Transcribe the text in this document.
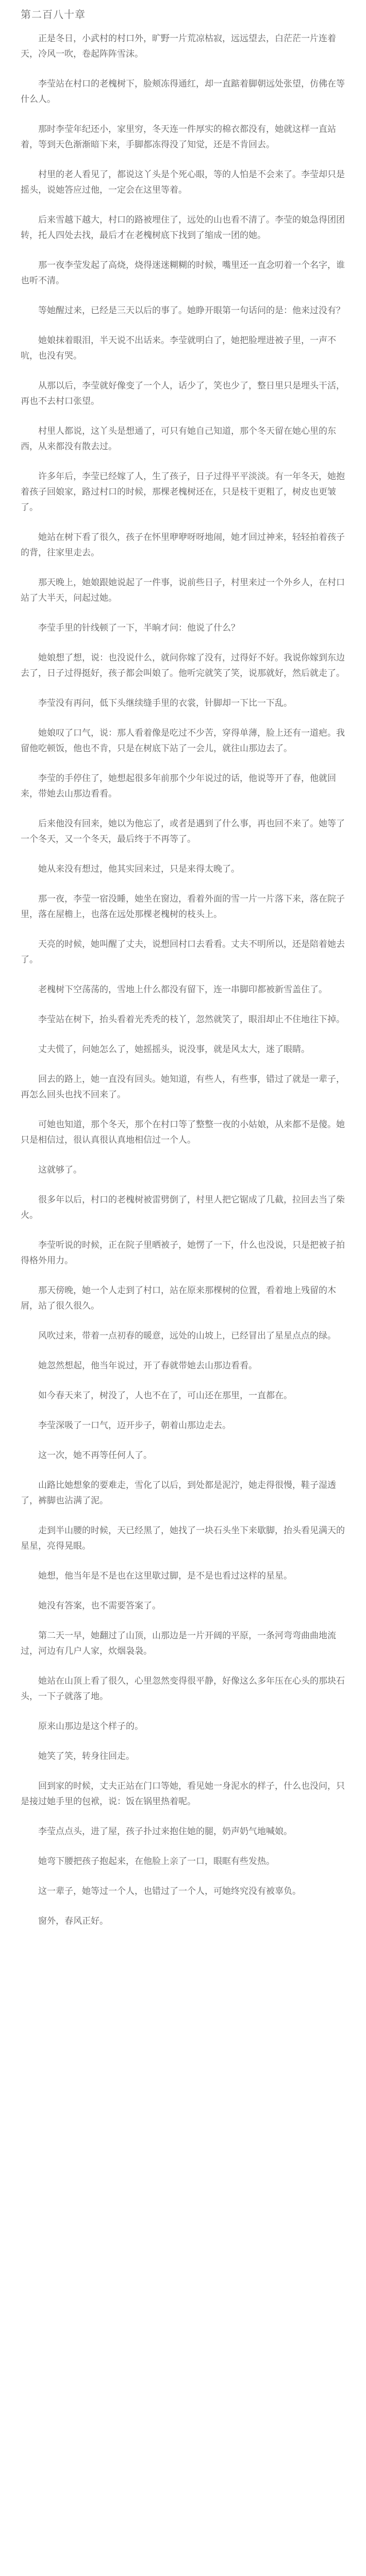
第二百八十章

正是冬日，小武村的村口外，旷野一片荒凉枯寂，远远望去，白茫茫一片连着天，冷风一吹，卷起阵阵雪沫。

李莹站在村口的老槐树下，脸颊冻得通红，却一直踮着脚朝远处张望，仿佛在等什么人。

那时李莹年纪还小，家里穷，冬天连一件厚实的棉衣都没有，她就这样一直站着，等到天色渐渐暗下来，手脚都冻得没了知觉，还是不肯回去。

村里的老人看见了，都说这丫头是个死心眼，等的人怕是不会来了。李莹却只是摇头，说她答应过他，一定会在这里等着。

后来雪越下越大，村口的路被埋住了，远处的山也看不清了。李莹的娘急得团团转，托人四处去找，最后才在老槐树底下找到了缩成一团的她。

那一夜李莹发起了高烧，烧得迷迷糊糊的时候，嘴里还一直念叨着一个名字，谁也听不清。

等她醒过来，已经是三天以后的事了。她睁开眼第一句话问的是：他来过没有？

她娘抹着眼泪，半天说不出话来。李莹就明白了，她把脸埋进被子里，一声不吭，也没有哭。

从那以后，李莹就好像变了一个人，话少了，笑也少了，整日里只是埋头干活，再也不去村口张望。

村里人都说，这丫头是想通了，可只有她自己知道，那个冬天留在她心里的东西，从来都没有散去过。

许多年后，李莹已经嫁了人，生了孩子，日子过得平平淡淡。有一年冬天，她抱着孩子回娘家，路过村口的时候，那棵老槐树还在，只是枝干更粗了，树皮也更皱了。

她站在树下看了很久，孩子在怀里咿咿呀呀地闹，她才回过神来，轻轻拍着孩子的背，往家里走去。

那天晚上，她娘跟她说起了一件事，说前些日子，村里来过一个外乡人，在村口站了大半天，问起过她。

李莹手里的针线顿了一下，半晌才问：他说了什么？

她娘想了想，说：也没说什么，就问你嫁了没有，过得好不好。我说你嫁到东边去了，日子过得挺好，孩子都会叫娘了。他听完就笑了笑，说那就好，然后就走了。

李莹没有再问，低下头继续缝手里的衣裳，针脚却一下比一下乱。

她娘叹了口气，说：那人看着像是吃过不少苦，穿得单薄，脸上还有一道疤。我留他吃顿饭，他也不肯，只是在树底下站了一会儿，就往山那边去了。

李莹的手停住了，她想起很多年前那个少年说过的话，他说等开了春，他就回来，带她去山那边看看。

后来他没有回来，她以为他忘了，或者是遇到了什么事，再也回不来了。她等了一个冬天，又一个冬天，最后终于不再等了。

她从来没有想过，他其实回来过，只是来得太晚了。

那一夜，李莹一宿没睡，她坐在窗边，看着外面的雪一片一片落下来，落在院子里，落在屋檐上，也落在远处那棵老槐树的枝头上。

天亮的时候，她叫醒了丈夫，说想回村口去看看。丈夫不明所以，还是陪着她去了。

老槐树下空荡荡的，雪地上什么都没有留下，连一串脚印都被新雪盖住了。

李莹站在树下，抬头看着光秃秃的枝丫，忽然就笑了，眼泪却止不住地往下掉。

丈夫慌了，问她怎么了，她摇摇头，说没事，就是风太大，迷了眼睛。

回去的路上，她一直没有回头。她知道，有些人，有些事，错过了就是一辈子，再怎么回头也找不回来了。

可她也知道，那个冬天，那个在村口等了整整一夜的小姑娘，从来都不是傻。她只是相信过，很认真很认真地相信过一个人。

这就够了。

很多年以后，村口的老槐树被雷劈倒了，村里人把它锯成了几截，拉回去当了柴火。

李莹听说的时候，正在院子里晒被子，她愣了一下，什么也没说，只是把被子拍得格外用力。

那天傍晚，她一个人走到了村口，站在原来那棵树的位置，看着地上残留的木屑，站了很久很久。

风吹过来，带着一点初春的暖意，远处的山坡上，已经冒出了星星点点的绿。

她忽然想起，他当年说过，开了春就带她去山那边看看。

如今春天来了，树没了，人也不在了，可山还在那里，一直都在。

李莹深吸了一口气，迈开步子，朝着山那边走去。

这一次，她不再等任何人了。

山路比她想象的要难走，雪化了以后，到处都是泥泞，她走得很慢，鞋子湿透了，裤脚也沾满了泥。

走到半山腰的时候，天已经黑了，她找了一块石头坐下来歇脚，抬头看见满天的星星，亮得晃眼。

她想，他当年是不是也在这里歇过脚，是不是也看过这样的星星。

她没有答案，也不需要答案了。

第二天一早，她翻过了山顶，山那边是一片开阔的平原，一条河弯弯曲曲地流过，河边有几户人家，炊烟袅袅。

她站在山顶上看了很久，心里忽然变得很平静，好像这么多年压在心头的那块石头，一下子就落了地。

原来山那边是这个样子的。

她笑了笑，转身往回走。

回到家的时候，丈夫正站在门口等她，看见她一身泥水的样子，什么也没问，只是接过她手里的包袱，说：饭在锅里热着呢。

李莹点点头，进了屋，孩子扑过来抱住她的腿，奶声奶气地喊娘。

她弯下腰把孩子抱起来，在他脸上亲了一口，眼眶有些发热。

这一辈子，她等过一个人，也错过了一个人，可她终究没有被辜负。

窗外，春风正好。
